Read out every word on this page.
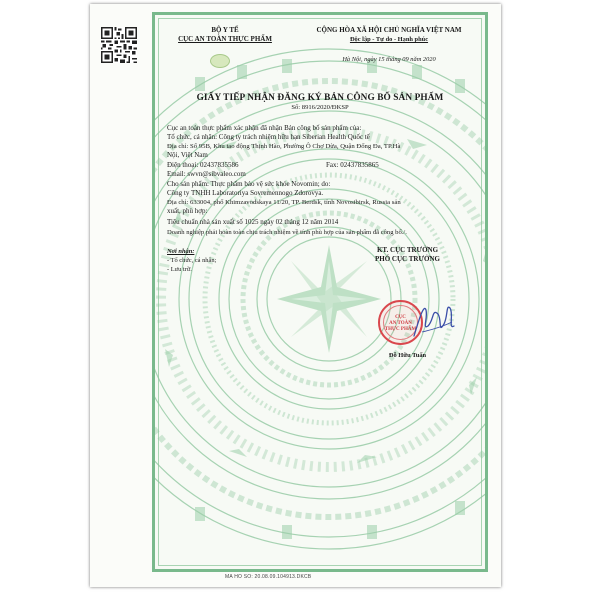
BỘ Y TẾ
CỤC AN TOÀN THỰC PHẨM
CỘNG HÒA XÃ HỘI CHỦ NGHĨA VIỆT NAM
Độc lập - Tự do - Hạnh phúc
Hà Nội, ngày 15 tháng 09 năm 2020
GIẤY TIẾP NHẬN ĐĂNG KÝ BẢN CÔNG BỐ SẢN PHẨM
Số: 8916/2020/ĐKSP
Cục an toàn thực phẩm xác nhận đã nhận Bản công bố sản phẩm của:
Tổ chức, cá nhân: Công ty trách nhiệm hữu hạn Siberian Health Quốc tế
Địa chỉ: Số 95B, Khu tao động Thịnh Hào, Phường Ô Chợ Dừa, Quận Đống Đa, TP.Hà
Nội, Việt Nam
Điện thoại: 02437835586	Fax: 02437835865
Email: swvn@sibvaleo.com
Cho sản phẩm: Thực phẩm bảo vệ sức khỏe Novomin; do:
Công ty TNHH Laboratoriya Sovremennogo Zdorovya.
Địa chỉ: 633004, phố Khimzavodskaya 11/20, TP. Berdsk, tỉnh Novosibirsk, Russia sản
xuất, phù hợp:
Tiêu chuẩn nhà sản xuất số 1025 ngày 02 tháng 12 năm 2014
Doanh nghiệp phải hoàn toàn chịu trách nhiệm về tính phù hợp của sản phẩm đã công bố./.
Nơi nhận:
- Tổ chức, cá nhân;
- Lưu trữ.
KT. CỤC TRƯỞNG
PHÓ CỤC TRƯỞNG
CỤC
AN TOÀN
THỰC PHẨM
Đỗ Hữu Tuấn
MA HO SO: 20.08.09.104913.DKCB
